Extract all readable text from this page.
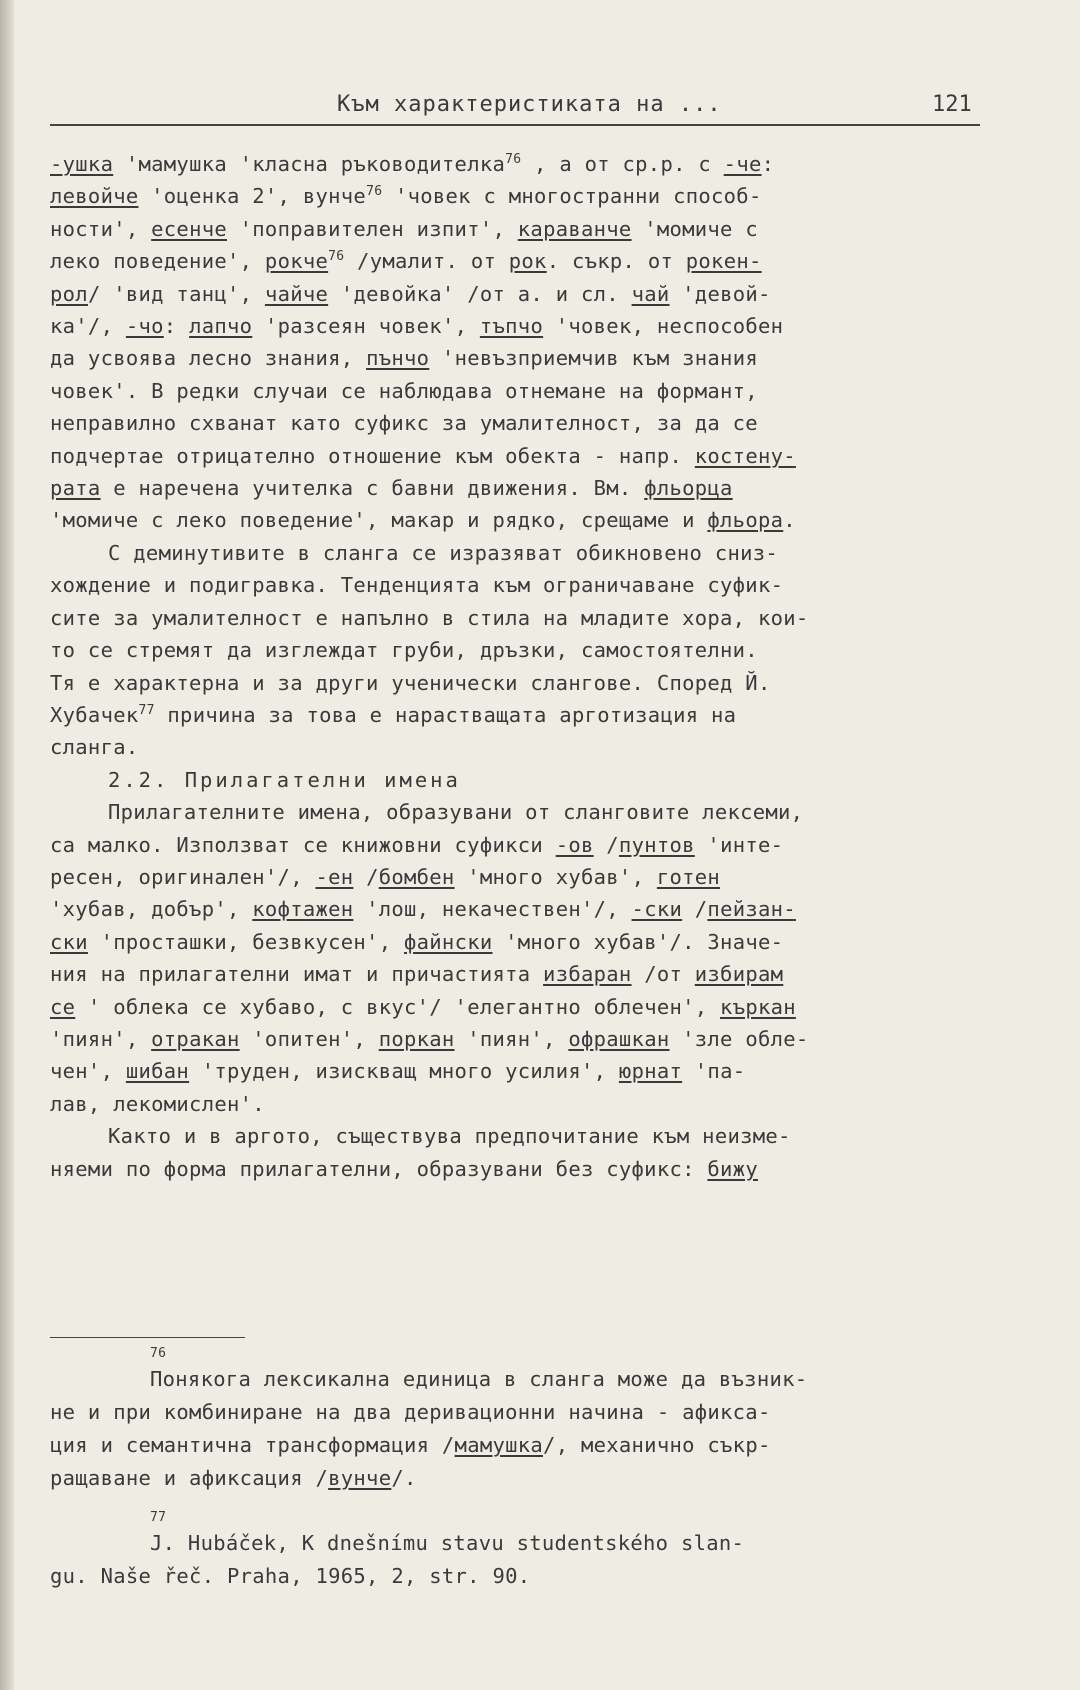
Към характеристиката на ...	121
-ушка 'мамушка 'класна ръководителка$^{76}$ , а от ср.р. с -че:
левойче 'оценка 2', вунче$^{76}$ 'човек с многостранни способ-
ности', есенче 'поправителен изпит', караванче 'момиче с
леко поведение', рокче$^{76}$ /умалит. от рок. съкр. от рокен-
рол/ 'вид танц', чайче 'девойка' /от а. и сл. чай 'девой-
ка'/, -чо: лапчо 'разсеян човек', тъпчо 'човек, неспособен
да усвоява лесно знания, пънчо 'невъзприемчив към знания
човек'. В редки случаи се наблюдава отнемане на формант,
неправилно схванат като суфикс за умалителност, за да се
подчертае отрицателно отношение към обекта - напр. костену-
рата е наречена учителка с бавни движения. Вм. фльорца
'момиче с леко поведение', макар и рядко, срещаме и фльора.
С деминутивите в сланга се изразяват обикновено сниз-
хождение и подигравка. Тенденцията към ограничаване суфик-
сите за умалителност е напълно в стила на младите хора, кои-
то се стремят да изглеждат груби, дръзки, самостоятелни.
Тя е характерна и за други ученически слангове. Според Й.
Хубачек$^{77}$ причина за това е нарастващата арготизация на
сланга.
2.2. Прилагателни имена
Прилагателните имена, образувани от сланговите лексеми,
са малко. Използват се книжовни суфикси -ов /пунтов 'инте-
ресен, оригинален'/, -ен /бомбен 'много хубав', готен
'хубав, добър', кофтажен 'лош, некачествен'/, -ски /пейзан-
ски 'просташки, безвкусен', файнски 'много хубав'/. Значе-
ния на прилагателни имат и причастията избаран /от избирам
се ' облека се хубаво, с вкус'/ 'елегантно облечен', къркан
'пиян', отракан 'опитен', поркан 'пиян', офрашкан 'зле обле-
чен', шибан 'труден, изискващ много усилия', юрнат 'па-
лав, лекомислен'.
Както и в арготo, съществува предпочитание към неизме-
няеми по форма прилагателни, образувани без суфикс: бижу
76
Понякога лексикална единица в сланга може да възник-
не и при комбиниране на два деривационни начина - афикса-
ция и семантична трансформация /мамушка/, механично съкр-
ращаване и афиксация /вунче/.
77
J. Hubáček, K dnešnímu stavu studentského slan-
gu. Naše řeč. Praha, 1965, 2, str. 90.
